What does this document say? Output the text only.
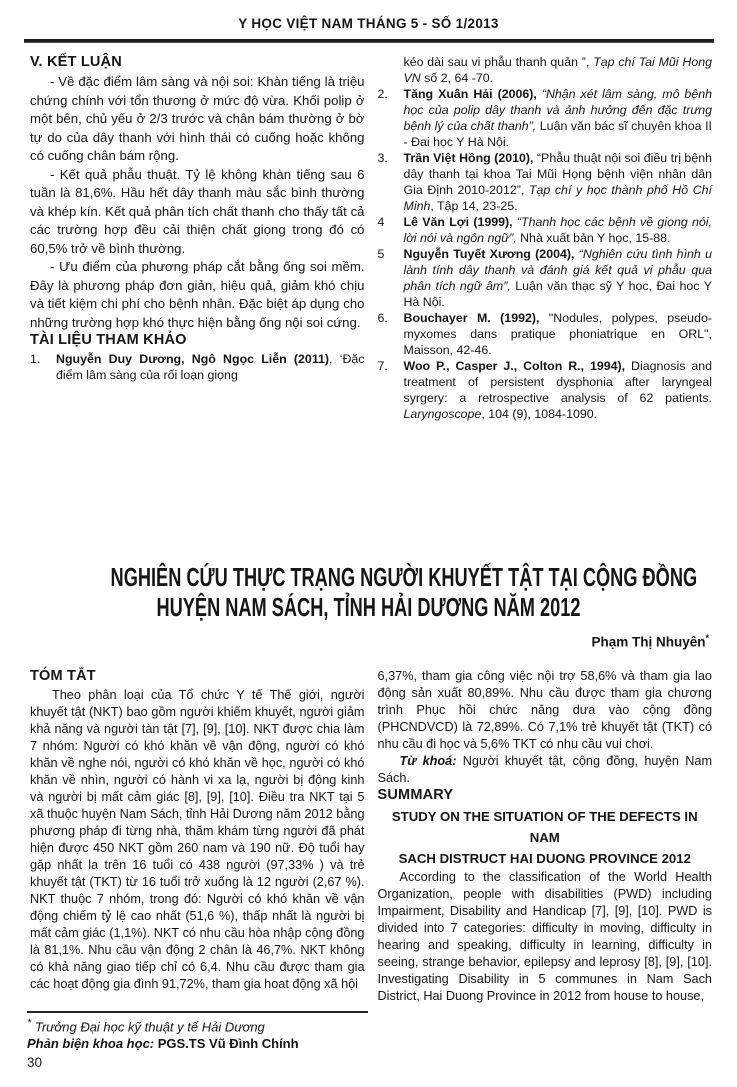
Y HỌC VIỆT NAM THÁNG 5 - SỐ 1/2013
V. KẾT LUẬN

- Về đặc điểm lâm sàng và nội soi: Khàn tiếng là triệu chứng chính với tổn thương ở mức độ vừa. Khối polip ở một bên, chủ yếu ở 2/3 trước và chân bám thường ở bờ tự do của dây thanh với hình thái có cuống hoặc không có cuống chân bám rộng.

- Kết quả phẫu thuật. Tỷ lệ không khàn tiếng sau 6 tuần là 81,6%. Hầu hết dây thanh màu sắc bình thường và khép kín. Kết quả phân tích chất thanh cho thấy tất cả các trường hợp đều cải thiện chất giọng trong đó có 60,5% trở về bình thường.

- Ưu điểm của phương pháp cắt bằng ống soi mềm. Đây là phương pháp đơn giản, hiệu quả, giảm khó chịu và tiết kiệm chi phí cho bệnh nhân. Đặc biệt áp dụng cho những trường hợp khó thực hiện bằng ống nội soi cứng.

TÀI LIỆU THAM KHẢO
1. Nguyễn Duy Dương, Ngô Ngọc Liễn (2011), ‘Đặc điểm lâm sàng của rối loạn giọng
kéo dài sau vi phẫu thanh quản ”, Tạp chí Tai Mũi Hong VN số 2, 64 -70.
2. Tăng Xuân Hải (2006), “Nhận xét lâm sàng, mô bệnh học của polip dây thanh và ảnh hưởng đến đặc trưng bệnh lý của chất thanh”, Luận văn bác sĩ chuyên khoa II - Đai học Y Hà Nội.
3. Trần Việt Hồng (2010), “Phẫu thuật nội soi điều trị bệnh dây thanh tại khoa Tai Mũi Họng bệnh viện nhân dân Gia Định 2010-2012”, Tạp chí y học thành phố Hồ Chí Minh, Tập 14, 23-25.
4 Lê Văn Lợi (1999), “Thanh học các bệnh về giọng nói, lời nói và ngôn ngữ”, Nhà xuất bản Y học, 15-88.
5 Nguyễn Tuyết Xương (2004), “Nghiên cứu tình hình u lành tính dây thanh và đánh giá kết quả vi phẫu qua phân tích ngữ âm”, Luận văn thạc sỹ Y học, Đai hoc Y Hà Nội.
6. Bouchayer M. (1992), "Nodules, polypes, pseudo-myxomes dans pratique phoniatrique en ORL", Maisson, 42-46.
7. Woo P., Casper J., Colton R., 1994), Diagnosis and treatment of persistent dysphonia after laryngeal syrgery: a retrospective analysis of 62 patients. Laryngoscope, 104 (9), 1084-1090.
NGHIÊN CỨU THỰC TRẠNG NGƯỜI KHUYẾT TẬT TẠI CỘNG ĐỒNG
HUYỆN NAM SÁCH, TỈNH HẢI DƯƠNG NĂM 2012
Phạm Thị Nhuyên*
TÓM TẮT

Theo phân loại của Tổ chức Y tế Thế giới, người khuyết tật (NKT) bao gồm người khiếm khuyết, người giảm khả năng và người tàn tật [7], [9], [10]. NKT được chia làm 7 nhóm: Người có khó khăn về vận động, người có khó khăn về nghe nói, người có khó khăn về học, người có khó khăn về nhìn, người có hành vi xa lạ, người bị động kinh và người bị mất cảm giác [8], [9], [10]. Điều tra NKT tại 5 xã thuộc huyện Nam Sách, tỉnh Hải Dương năm 2012 bằng phương pháp đi từng nhà, thăm khám từng người đã phát hiện được 450 NKT gồm 260 nam và 190 nữ. Độ tuổi hay gặp nhất la trên 16 tuổi có 438 người (97,33% ) và trẻ khuyết tật (TKT) từ 16 tuổi trở xuống là 12 người (2,67 %). NKT thuộc 7 nhóm, trong đó: Người có khó khăn về vận động chiếm tỷ lệ cao nhất (51,6 %), thấp nhất là người bị mất cảm giác (1,1%). NKT có nhu cầu hòa nhập cộng đồng là 81,1%. Nhu cầu vận động 2 chân là 46,7%. NKT không có khả năng giao tiếp chỉ có 6,4. Nhu cầu được tham gia các hoạt động gia đình 91,72%, tham gia hoat động xã hội

6,37%, tham gia công việc nội trợ 58,6% và tham gia lao động sản xuất 80,89%. Nhu cầu được tham gia chương trình Phục hồi chức năng dưa vào cộng đồng (PHCNDVCD) là 72,89%. Có 7,1% trẻ khuyết tật (TKT) có nhu cầu đi học và 5,6% TKT có nhu cầu vui chơi.

Từ khoá: Người khuyết tật, cộng đồng, huyện Nam Sách.

SUMMARY
STUDY ON THE SITUATION OF THE DEFECTS IN NAM
SACH DISTRUCT HAI DUONG PROVINCE 2012

According to the classification of the World Health Organization, people with disabilities (PWD) including Impairment, Disability and Handicap [7], [9], [10]. PWD is divided into 7 categories: difficulty in moving, difficulty in hearing and speaking, difficulty in learning, difficulty in seeing, strange behavior, epilepsy and leprosy [8], [9], [10]. Investigating Disability in 5 communes in Nam Sach District, Hai Duong Province in 2012 from house to house,

* Trưởng Đại học kỹ thuật y tế Hải Dương
Phản biện khoa học: PGS.TS Vũ Đình Chính
30
